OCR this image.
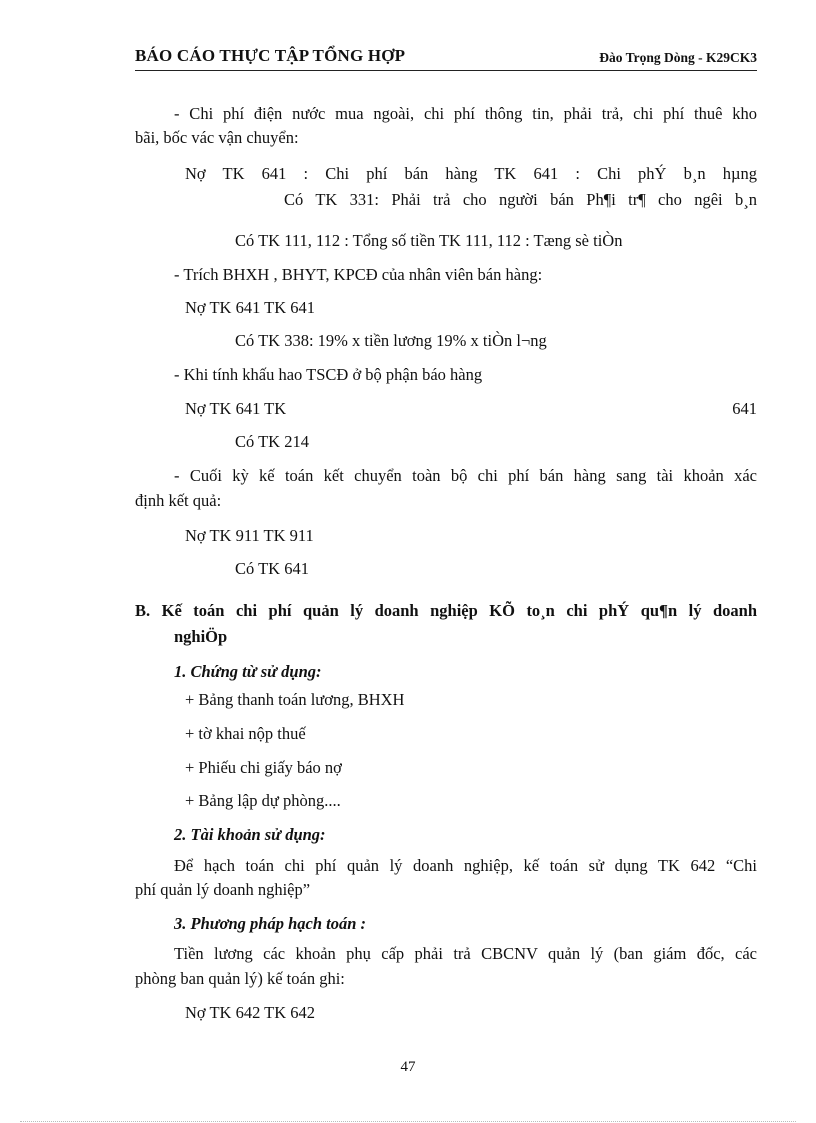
BÁO CÁO THỰC TẬP TỔNG HỢP	Đào Trọng Dòng - K29CK3
- Chi phí điện nước mua ngoài, chi phí thông tin, phải trả, chi phí thuê kho
bãi, bốc vác vận chuyển:
Nợ TK 641 : Chi phí bán hàng TK 641 : Chi phÝ b¸n hµng
Có TK 331: Phải trả cho người bán Ph¶i tr¶ cho ngêi b¸n
Có TK 111, 112 : Tổng số tiền TK 111, 112 : Tæng sè tiÒn
- Trích BHXH , BHYT, KPCĐ của nhân viên bán hàng:
Nợ TK 641 TK 641
Có TK 338: 19% x tiền lương 19% x tiÒn l¬ng
- Khi tính khấu hao TSCĐ ở bộ phận báo hàng
Nợ TK 641 TK	641
Có TK 214
- Cuối kỳ kế toán kết chuyển toàn bộ chi phí bán hàng sang tài khoản xác
định kết quả:
Nợ TK 911 TK 911
Có TK 641
B. Kế toán chi phí quản lý doanh nghiệp KÕ to¸n chi phÝ qu¶n lý doanh
nghiÖp
1. Chứng từ sử dụng:
+ Bảng thanh toán lương, BHXH
+ tờ khai nộp thuế
+ Phiếu chi giấy báo nợ
+ Bảng lập dự phòng....
2. Tài khoản sử dụng:
Để hạch toán chi phí quản lý doanh nghiệp, kế toán sử dụng TK 642 “Chi
phí quản lý doanh nghiệp”
3. Phương pháp hạch toán :
Tiền lương các khoản phụ cấp phải trả CBCNV quản lý (ban giám đốc, các
phòng ban quản lý) kế toán ghi:
Nợ TK 642 TK 642
47
